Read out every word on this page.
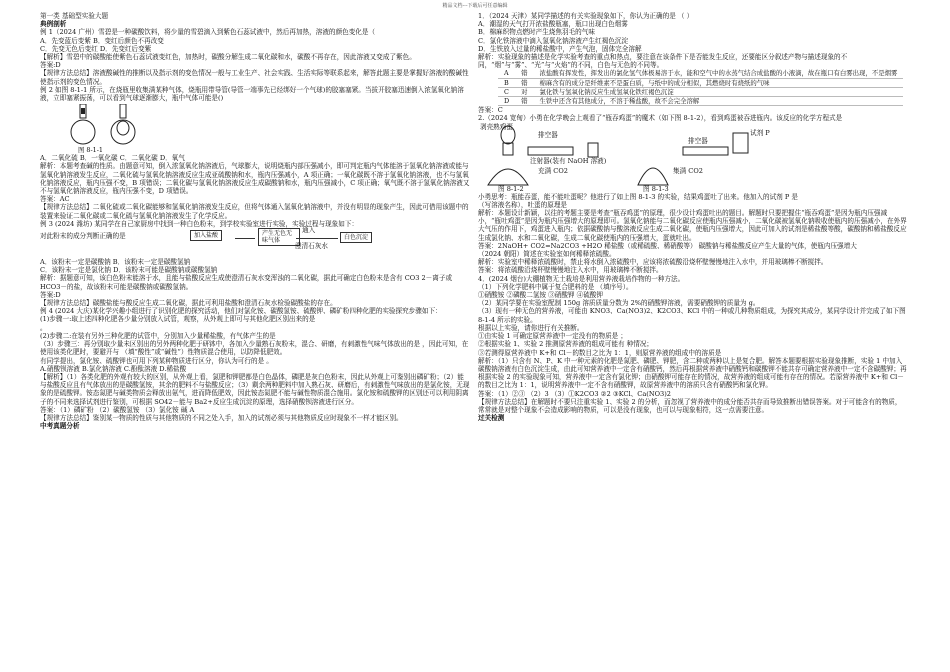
精品文档---下载后可任意编辑

第一类 基础型实验大题

典例剖析

例 1（2024 广州）雪碧是一种碳酸饮料，将少量的雪碧滴入到紫色石蕊试液中，然后再加热，溶液的颜色变化是（

A．先变蓝后变紫 B．变红后颜色不再改变

C．先变无色后变红 D．先变红后变紫

【解析】雪碧中的碳酸能使紫色石蕊试液变红色，加热时，碳酸分解生成二氧化碳和水，碳酸不再存在，因此溶液又变成了紫色。

答案:D

【规律方法总结】溶液酸碱性的推断以及指示剂的变色情况一般与工业生产、社会实践、生活实际等联系起来，解答此题主要是掌握好溶液的酸碱性使指示剂的变色情况。

例 2 如图 8-1-1 所示，在烧瓶里收集满某种气体，烧瓶用带导管(导管一端事先已经绑好一个气球)的胶塞塞紧。当拔开胶塞迅速倒入浓氢氧化钠溶液，立即塞紧振荡，可以看到气球逐渐膨大，瓶中气体可能是()

图 8-1-1

A．二氧化硫 B．一氧化碳 C．二氧化碳 D．氧气

解析：本题考查碱的性质。由题意可知，倒入浓氢氧化钠溶液后，气球膨大，说明烧瓶内部压强减小，即可判定瓶内气体能溶于氢氧化钠溶液或能与氢氧化钠溶液发生反应，二氧化硫与氢氧化钠溶液反应生成亚硫酸钠和水，瓶内压强减小，A 项正确；一氧化碳既不溶于氢氧化钠溶液，也不与氢氧化钠溶液反应，瓶内压强不变，B 项错误；二氧化碳与氢氧化钠溶液反应生成碳酸钠和水，瓶内压强减小，C 项正确；氧气既不溶于氢氧化钠溶液又不与氢氧化钠溶液反应，瓶内压强不变，D 项错误。

答案：AC

【规律方法总结】二氧化硫或二氧化碳能够和氢氧化钠溶液发生反应，但将气体通入氢氧化钠溶液中，并没有明显的现象产生，因此可借用该题中的装置来验证二氧化碳或二氧化硫与氢氧化钠溶液发生了化学反应。

例 3 (2024 潍坊) 某同学在自己家厨房中找到一种白色粉末，到学校实验室进行实验，实验过程与现象如下：

对此粉末的成分判断正确的是	加入盐酸	产生无色无味气体
通入
澄清石灰水
白色沉淀

A．该粉末一定是碳酸钠 B．该粉末一定是碳酸氢钠

C．该粉末一定是氯化钠 D．该粉末可能是碳酸钠或碳酸氢钠

解析：据题意可知，该白色粉末能溶于水，且能与盐酸反应生成使澄清石灰水变浑浊的二氧化碳，据此可确定白色粉末是含有 CO3 2－离子或 HCO3－的盐，故该粉末可能是碳酸钠或碳酸氢钠。

答案:D

【规律方法总结】碳酸盐能与酸反应生成二氧化碳，据此可利用盐酸和澄清石灰水检验碳酸盐的存在。

例 4 (2024 大庆)某化学兴趣小组进行了识别化肥的探究活动，他们对氯化铵、碳酸氢铵、硫酸钾、磷矿粉四种化肥的实验探究步骤如下：

(1)步骤一:取上述四种化肥各少量分别放入试管，观察，从外观上即可与其他化肥区别出来的是

。

(2)步骤二:在装有另外三种化肥的试管中，分别加入少量稀盐酸，有气体产生的是

（3）步骤三：再分别取少量未区别出的另外两种化肥于研钵中，各加入少量熟石灰粉末，混合、研磨，有刺激性气味气体放出的是 ，因此可知，在使用该类化肥时，要避开与 （填“酸性”或“碱性”）性物质混合使用，以防降低肥效。

有同学提出，氯化铵、硫酸钾也可用下列某种物质进行区分，你认为可行的是 。

A.硝酸钡溶液 B.氯化钠溶液 C.酚酞溶液 D.稀盐酸

【解析】（1）各类化肥的外观有较大的区别，从外观上看，氯肥和钾肥都是白色晶体，磷肥是灰白色粉末，因此从外观上可鉴别出磷矿粉；（2）能与盐酸反应且有气体放出的是碳酸氢铵，其余的肥料不与盐酸反应；（3）剩余两种肥料中加入熟石灰、研磨后，有刺激性气味放出的是氯化铵，无现象的是硫酸钾。铵态氮肥与碱类物质会释放出氨气，进而降低肥效，因此铵态氮肥不能与碱性物质混合施用。氯化铵和硫酸钾的区别还可以利用阴离子的不同来选择试剂进行鉴别，可根据 SO42－能与 Ba2+反应生成沉淀的原理，选择硝酸钡溶液进行区分。

答案：（1）磷矿粉 （2）碳酸氢铵 （3）氯化铵 碱 A

【规律方法总结】鉴别某一物质的性质与其他物质的不同之处入手，加入的试剂必须与其他物质反应时现象不一样才能区别。

中考真题分析

1．（2024 天津）某同学描述的有关实验现象如下，你认为正确的是 （ ）

A．潮湿的天气打开浓盐酸瓶塞，瓶口出现白色烟雾

B．棉麻织物点燃时产生烧焦羽毛的气味

C．氯化铁溶液中滴入氢氧化钠溶液产生红褐色沉淀

D．生铁放入过量的稀盐酸中，产生气泡，固体完全溶解

解析：实验现象的描述是化学实验考查的重点和热点，要注意在该条件下是否能发生反应，还要能区分叙述产物与描述现象的不同，“烟”与“雾”、“光”与“火焰”的不同，白色与无色的不同等。

A	错	浓盐酸有挥发性，挥发出的氯化氢气体极易溶于水，能和空气中的水蒸气结合成盐酸的小液滴，故在瓶口有白雾出现，不是烟雾
B	错	棉麻含有的成分是纤维素不是蛋白质，与纸中的成分相似，其燃烧时有烧纸的气味
C	对	氯化铁与氢氧化钠反应生成氢氧化铁红褐色沉淀
D	错	生铁中还含有其他成分，不溶于稀盐酸，故不会完全溶解

答案：C

2.（2024 宽甸）小勇在化学晚会上观看了“瓶吞鸡蛋”的魔术（如下图 8-1-2），看到鸡蛋被吞进瓶内。该反应的化学方程式是

剥壳熟鸡蛋
排空器
注射器(装有 NaOH 溶液)
充满 CO2	集满 CO2
试剂 P
排空器
图 8-1-2	图 8-1-3

小勇思考：瓶能吞蛋，能不能吐蛋呢？他进行了如上图 8-1-3 的实验，结果鸡蛋吐了出来。他加入的试剂 P 是

（写溶液名称），吐蛋的原理是

解析：本题设计新颖，以往的考题主要是考查“瓶吞鸡蛋”的原理，很少设计鸡蛋吐出的题目。解题时只要把握住“瓶吞鸡蛋”是因为瓶内压强减小，“瓶吐鸡蛋”是因为瓶内压强增大的原理即可。氢氧化钠能与二氧化碳反应使瓶内压强减小，二氧化碳被氢氧化钠吸收使瓶内的压强减小，在外界大气压的作用下，鸡蛋进入瓶内；依据碳酸钠与酸溶液反应生成二氧化碳，使瓶内压强增大，因此可加入的试剂是稀盐酸等酸，碳酸钠和稀盐酸反应生成氯化钠、水和二氧化碳，生成二氧化碳使瓶内的压强增大，蛋就吐出。

答案：2NaOH+ CO2=Na2CO3 +H2O 稀盐酸（或稀硫酸、稀硝酸等） 碳酸钠与稀盐酸反应产生大量的气体，使瓶内压强增大

（2024 朝阳）简述在实验室如何稀释浓硫酸。

解析：实验室中稀释浓硫酸时，禁止将水倒入浓硫酸中，应该将浓硫酸沿烧杯壁慢慢地注入水中，并用玻璃棒不断搅拌。

答案：将浓硫酸沿烧杯壁慢慢地注入水中，用玻璃棒不断搅拌。

4．(2024 烟台)大棚植物无土栽培是利用营养液栽培作物的一种方法。

（1）下列化学肥料中属于复合肥料的是 （填序号）。

①硝酸铵 ②磷酸二氢铵 ③硝酸钾 ④硫酸钾

（2）某同学要在实验室配制 150g 溶质质量分数为 2%的硝酸钾溶液，需要硝酸钾的质量为 g。

（3）现有一种无色的营养液，可能由 KNO3、Ca(NO3)2、K2CO3、KCl 中的一种或几种物质组成，为探究其成分，某同学设计并完成了如下图 8-1-4 所示的实验。

根据以上实验，请你进行有关推断。

①由实验 1 可确定原营养液中一定没有的物质是 ；

②根据实验 1、实验 2 推测原营养液的组成可能有 种情况；

③若测得原营养液中 K+和 Cl－的数目之比为 1：1，则原营养液的组成中的溶质是

解析：（1）只含有 N、P、K 中一种元素的化肥是氮肥、磷肥、钾肥，含二种或两种以上是复合肥。解答本题要根据实验现象推断，实验 1 中加入碳酸钠溶液有白色沉淀生成，由此可知营养液中一定含有硝酸钙，然后再根据营养液中硝酸钙和碳酸钾不能共存可确定营养液中一定不含碳酸钾；再根据实验 2 的实验现象可知，营养液中一定含有氯化钾；由硝酸钾可能存在的情况，故营养液的组成可能有存在的情况。若原营养液中 K+和 Cl－的数目之比为 1：1，说明营养液中一定不含有硝酸钾，故原营养液中的溶质只含有硝酸钙和氯化钾。

答案：（1）②③ （2）3 （3）①K2CO3 ②2 ③KCl、Ca(NO3)2

【规律方法总结】在解题时不要只注重实验 1、实验 2 的分析，而忽视了营养液中的成分能否共存而导致推断出错误答案。对于可能含有的物质，常常就是对整个现象不会造成影响的物质，可以是没有现象，也可以与现象相符，这一点需要注意。

过关检测
